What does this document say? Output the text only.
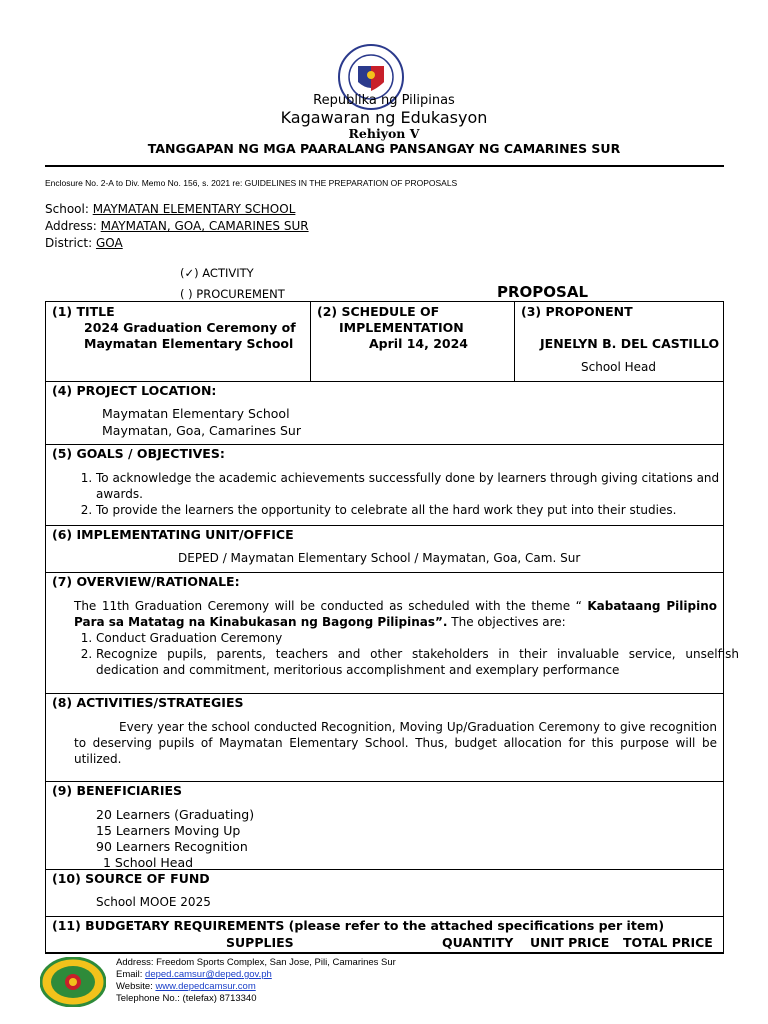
Republika ng Pilipinas
Kagawaran ng Edukasyon
Rehiyon V
TANGGAPAN NG MGA PAARALANG PANSANGAY NG CAMARINES SUR
Enclosure No. 2-A to Div. Memo No. 156, s. 2021 re: GUIDELINES IN THE PREPARATION OF PROPOSALS
School: MAYMATAN ELEMENTARY SCHOOL
Address: MAYMATAN, GOA, CAMARINES SUR
District: GOA
(✓) ACTIVITY
( ) PROCUREMENT	PROPOSAL
(1) TITLE
2024 Graduation Ceremony of
Maymatan Elementary School
(2) SCHEDULE OF
IMPLEMENTATION
April 14, 2024
(3) PROPONENT
JENELYN B. DEL CASTILLO
School Head
(4) PROJECT LOCATION:
Maymatan Elementary School
Maymatan, Goa, Camarines Sur
(5) GOALS / OBJECTIVES:
1. To acknowledge the academic achievements successfully done by learners through giving citations and awards.
2. To provide the learners the opportunity to celebrate all the hard work they put into their studies.
(6) IMPLEMENTATING UNIT/OFFICE
DEPED / Maymatan Elementary School / Maymatan, Goa, Cam. Sur
(7) OVERVIEW/RATIONALE:
The 11th Graduation Ceremony will be conducted as scheduled with the theme “ Kabataang Pilipino Para sa Matatag na Kinabukasan ng Bagong Pilipinas”. The objectives are:
1. Conduct Graduation Ceremony
2. Recognize pupils, parents, teachers and other stakeholders in their invaluable service, unselfish dedication and commitment, meritorious accomplishment and exemplary performance
(8) ACTIVITIES/STRATEGIES
Every year the school conducted Recognition, Moving Up/Graduation Ceremony to give recognition to deserving pupils of Maymatan Elementary School. Thus, budget allocation for this purpose will be utilized.
(9) BENEFICIARIES
20 Learners (Graduating)
15 Learners Moving Up
90 Learners Recognition
1 School Head
(10) SOURCE OF FUND
School MOOE 2025
(11) BUDGETARY REQUIREMENTS (please refer to the attached specifications per item)
SUPPLIES	QUANTITY UNIT PRICE TOTAL PRICE
Address: Freedom Sports Complex, San Jose, Pili, Camarines Sur
Email: deped.camsur@deped.gov.ph
Website: www.depedcamsur.com
Telephone No.: (telefax) 8713340
